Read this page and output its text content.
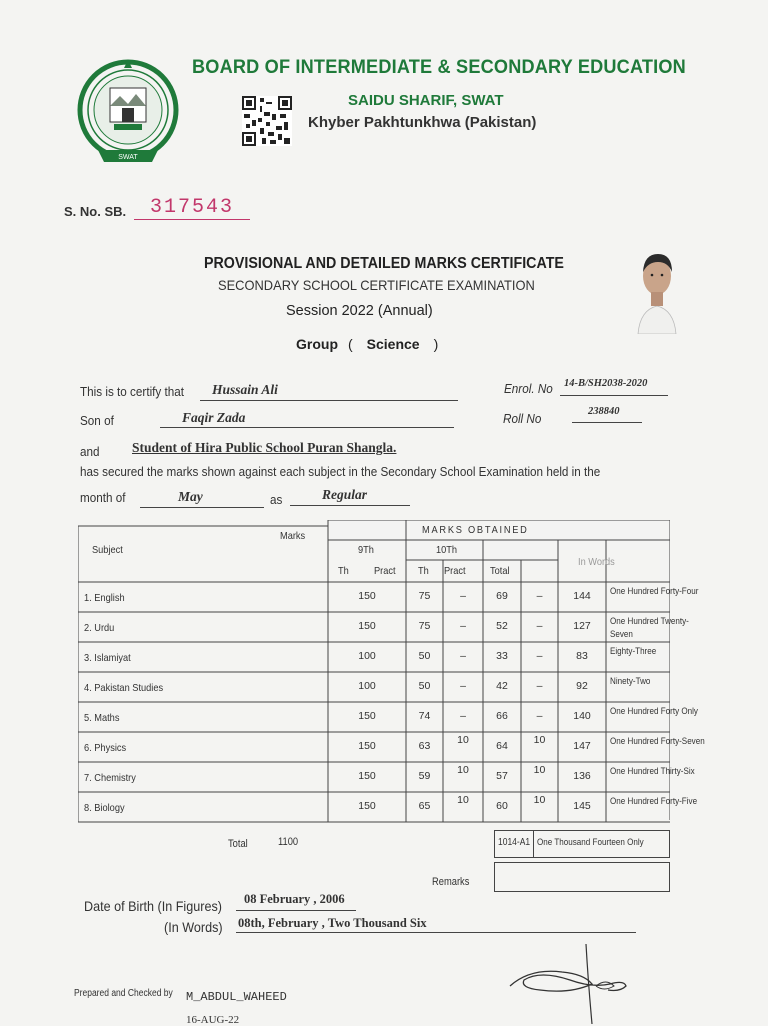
SWAT
BOARD OF INTERMEDIATE & SECONDARY EDUCATION
SAIDU SHARIF, SWAT
Khyber Pakhtunkhwa (Pakistan)
S. No. SB.	317543
PROVISIONAL AND DETAILED MARKS CERTIFICATE
SECONDARY SCHOOL CERTIFICATE EXAMINATION
Session 2022 (Annual)
Group ( Science )
This is to certify that Hussain Ali	Enrol. No 14-B/SH2038-2020
Son of	Faqir Zada	Roll No	238840
and Student of Hira Public School Puran Shangla.
has secured the marks shown against each subject in the Secondary School Examination held in the
month of	May	as	Regular
Subject
Marks	MARKS OBTAINED
9Th	10Th
Th Pract Th Pract Total
In Words
1. English	150	75	–	69	–	144	One Hundred Forty-Four
2. Urdu	150	75	–	52	–	127	One Hundred Twenty-
Seven
3. Islamiyat	100	50	–	33	–	83	Eighty-Three
4. Pakistan Studies	100	50	–	42	–	92	Ninety-Two
5. Maths	150	74	–	66	–	140	One Hundred Forty Only
6. Physics	150	63	10	64	10	147	One Hundred Forty-Seven
7. Chemistry	150	59	10	57	10	136	One Hundred Thirty-Six
8. Biology	150	65	10	60	10	145	One Hundred Forty-Five
Total	1100	1014-A1 One Thousand Fourteen Only
Remarks
Date of Birth (In Figures) 08 February , 2006
(In Words) 08th, February , Two Thousand Six
Prepared and Checked by M_ABDUL_WAHEED
16-AUG-22
